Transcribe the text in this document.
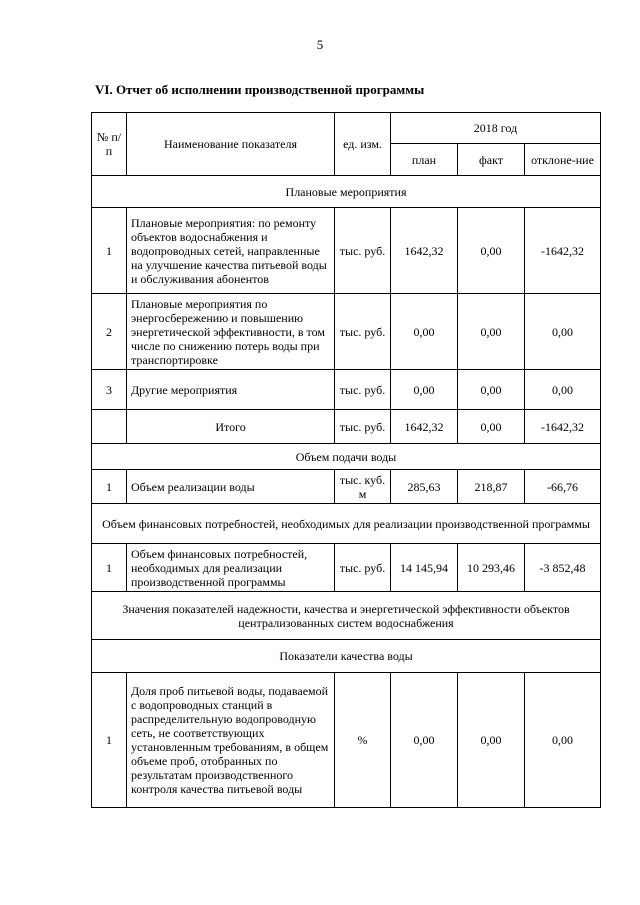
5
VI. Отчет об исполнении производственной программы
№ п/п	Наименование показателя	ед. изм.	2018 год		
			план	факт	отклоне-ние
Плановые мероприятия					
1	Плановые мероприятия: по ремонту объектов водоснабжения и водопроводных сетей, направленные на улучшение качества питьевой воды и обслуживания абонентов	тыс. руб.	1642,32	0,00	-1642,32
2	Плановые мероприятия по энергосбережению и повышению энергетической эффективности, в том числе по снижению потерь воды при транспортировке	тыс. руб.	0,00	0,00	0,00
3	Другие мероприятия	тыс. руб.	0,00	0,00	0,00
	Итого	тыс. руб.	1642,32	0,00	-1642,32
Объем подачи воды					
1	Объем реализации воды	тыс. куб. м	285,63	218,87	-66,76
Объем финансовых потребностей, необходимых для реализации производственной программы					
1	Объем финансовых потребностей, необходимых для реализации производственной программы	тыс. руб.	14 145,94	10 293,46	-3 852,48
Значения показателей надежности, качества и энергетической эффективности объектов централизованных систем водоснабжения					
Показатели качества воды					
1	Доля проб питьевой воды, подаваемой с водопроводных станций в распределительную водопроводную сеть, не соответствующих установленным требованиям, в общем объеме проб, отобранных по результатам производственного контроля качества питьевой воды	%	0,00	0,00	0,00
